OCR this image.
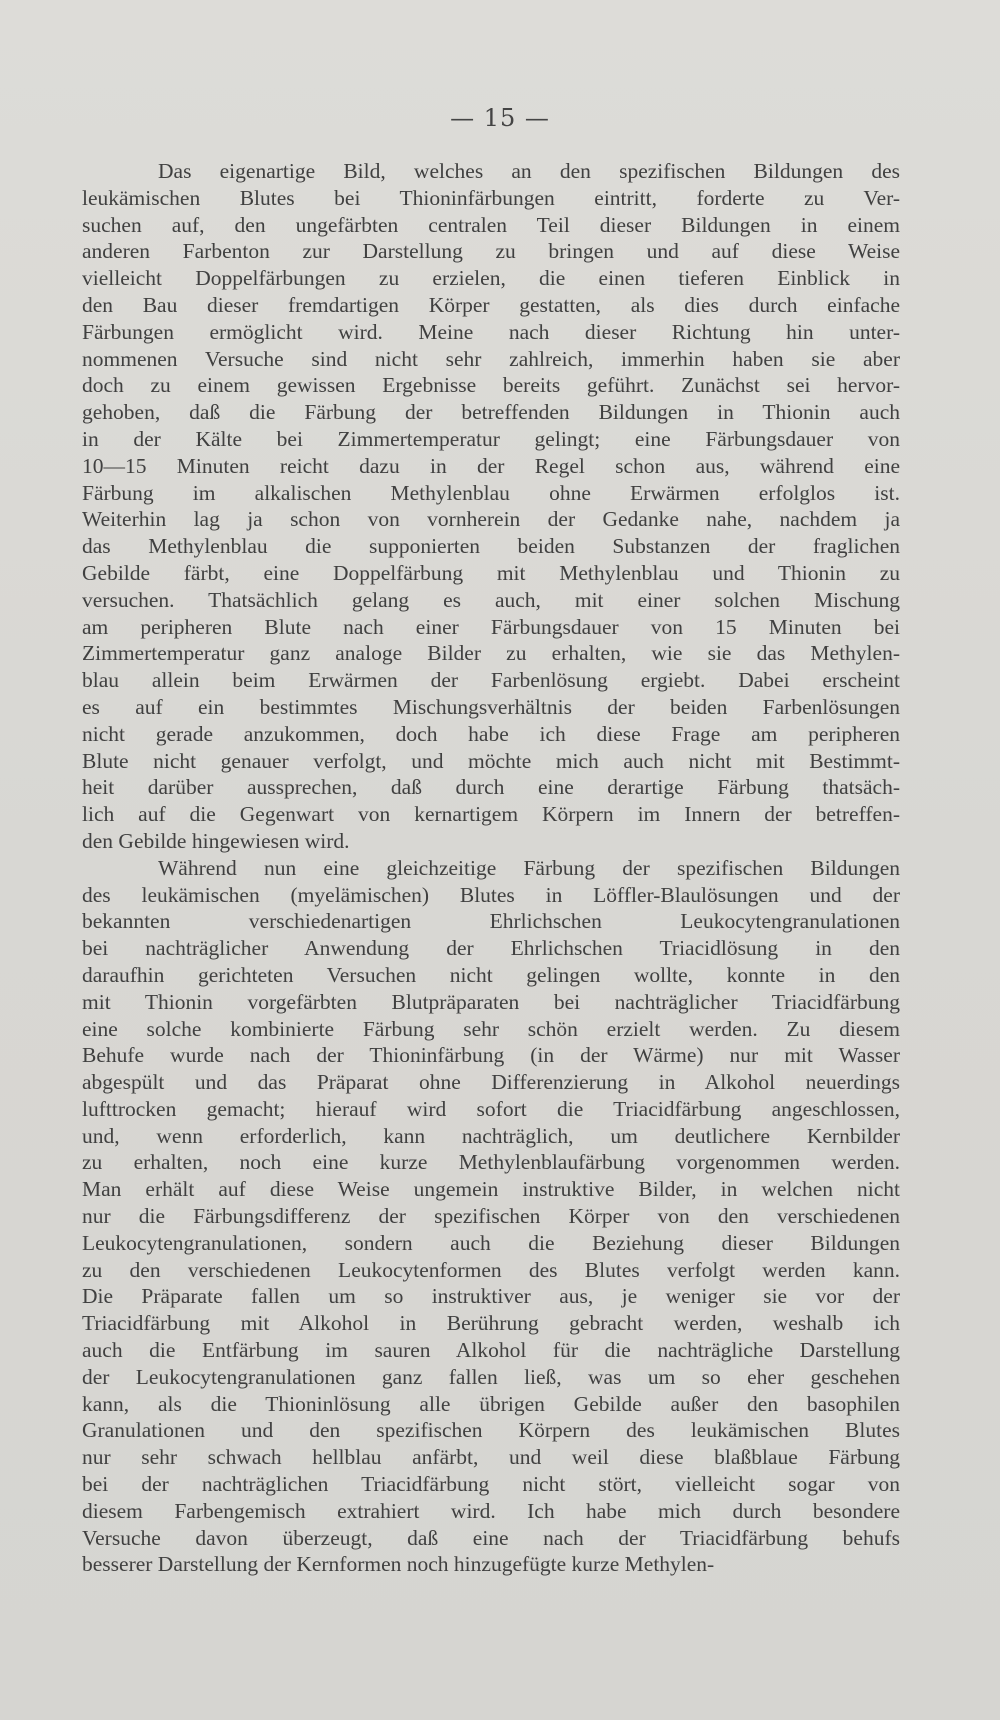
— 15 —

Das eigenartige Bild, welches an den spezifischen Bildungen des
leukämischen Blutes bei Thioninfärbungen eintritt, forderte zu Ver-
suchen auf, den ungefärbten centralen Teil dieser Bildungen in einem
anderen Farbenton zur Darstellung zu bringen und auf diese Weise
vielleicht Doppelfärbungen zu erzielen, die einen tieferen Einblick in
den Bau dieser fremdartigen Körper gestatten, als dies durch einfache
Färbungen ermöglicht wird. Meine nach dieser Richtung hin unter-
nommenen Versuche sind nicht sehr zahlreich, immerhin haben sie aber
doch zu einem gewissen Ergebnisse bereits geführt. Zunächst sei hervor-
gehoben, daß die Färbung der betreffenden Bildungen in Thionin auch
in der Kälte bei Zimmertemperatur gelingt; eine Färbungsdauer von
10—15 Minuten reicht dazu in der Regel schon aus, während eine
Färbung im alkalischen Methylenblau ohne Erwärmen erfolglos ist.
Weiterhin lag ja schon von vornherein der Gedanke nahe, nachdem ja
das Methylenblau die supponierten beiden Substanzen der fraglichen
Gebilde färbt, eine Doppelfärbung mit Methylenblau und Thionin zu
versuchen. Thatsächlich gelang es auch, mit einer solchen Mischung
am peripheren Blute nach einer Färbungsdauer von 15 Minuten bei
Zimmertemperatur ganz analoge Bilder zu erhalten, wie sie das Methylen-
blau allein beim Erwärmen der Farbenlösung ergiebt. Dabei erscheint
es auf ein bestimmtes Mischungsverhältnis der beiden Farbenlösungen
nicht gerade anzukommen, doch habe ich diese Frage am peripheren
Blute nicht genauer verfolgt, und möchte mich auch nicht mit Bestimmt-
heit darüber aussprechen, daß durch eine derartige Färbung thatsäch-
lich auf die Gegenwart von kernartigem Körpern im Innern der betreffen-
den Gebilde hingewiesen wird.

Während nun eine gleichzeitige Färbung der spezifischen Bildungen
des leukämischen (myelämischen) Blutes in Löffler-Blaulösungen und der
bekannten verschiedenartigen Ehrlichschen Leukocytengranulationen
bei nachträglicher Anwendung der Ehrlichschen Triacidlösung in den
daraufhin gerichteten Versuchen nicht gelingen wollte, konnte in den
mit Thionin vorgefärbten Blutpräparaten bei nachträglicher Triacidfärbung
eine solche kombinierte Färbung sehr schön erzielt werden. Zu diesem
Behufe wurde nach der Thioninfärbung (in der Wärme) nur mit Wasser
abgespült und das Präparat ohne Differenzierung in Alkohol neuerdings
lufttrocken gemacht; hierauf wird sofort die Triacidfärbung angeschlossen,
und, wenn erforderlich, kann nachträglich, um deutlichere Kernbilder
zu erhalten, noch eine kurze Methylenblaufärbung vorgenommen werden.
Man erhält auf diese Weise ungemein instruktive Bilder, in welchen nicht
nur die Färbungsdifferenz der spezifischen Körper von den verschiedenen
Leukocytengranulationen, sondern auch die Beziehung dieser Bildungen
zu den verschiedenen Leukocytenformen des Blutes verfolgt werden kann.
Die Präparate fallen um so instruktiver aus, je weniger sie vor der
Triacidfärbung mit Alkohol in Berührung gebracht werden, weshalb ich
auch die Entfärbung im sauren Alkohol für die nachträgliche Darstellung
der Leukocytengranulationen ganz fallen ließ, was um so eher geschehen
kann, als die Thioninlösung alle übrigen Gebilde außer den basophilen
Granulationen und den spezifischen Körpern des leukämischen Blutes
nur sehr schwach hellblau anfärbt, und weil diese blaßblaue Färbung
bei der nachträglichen Triacidfärbung nicht stört, vielleicht sogar von
diesem Farbengemisch extrahiert wird. Ich habe mich durch besondere
Versuche davon überzeugt, daß eine nach der Triacidfärbung behufs
besserer Darstellung der Kernformen noch hinzugefügte kurze Methylen-
